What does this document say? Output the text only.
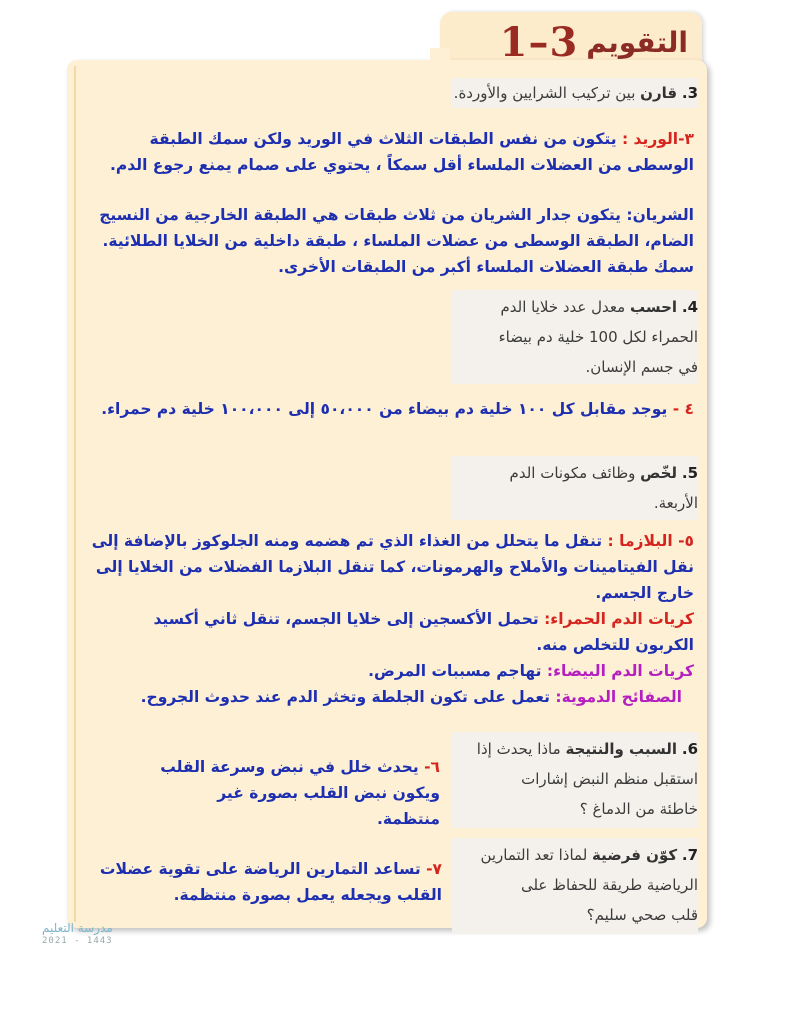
التقويم
3–1
3. قارن بين تركيب الشرايين والأوردة.
٣-الوريد : يتكون من نفس الطبقات الثلاث في الوريد ولكن سمك الطبقة الوسطى من العضلات الملساء أقل سمكاً ، يحتوي على صمام يمنع رجوع الدم.
الشريان: يتكون جدار الشريان من ثلاث طبقات هي الطبقة الخارجية من النسيج الضام، الطبقة الوسطى من عضلات الملساء ، طبقة داخلية من الخلايا الطلائية. سمك طبقة العضلات الملساء أكبر من الطبقات الأخرى.
4. احسب معدل عدد خلايا الدم
الحمراء لكل 100 خلية دم بيضاء
في جسم الإنسان.
٤ - يوجد مقابل كل ١٠٠ خلية دم بيضاء من ٥٠،٠٠٠ إلى ١٠٠،٠٠٠ خلية دم حمراء.
5. لخّص وظائف مكونات الدم
الأربعة.
٥- البلازما : تنقل ما يتحلل من الغذاء الذي تم هضمه ومنه الجلوكوز بالإضافة إلى نقل الفيتامينات والأملاح والهرمونات، كما تنقل البلازما الفضلات من الخلايا إلى خارج الجسم.
كريات الدم الحمراء: تحمل الأكسجين إلى خلايا الجسم، تنقل ثاني أكسيد الكربون للتخلص منه.
كريات الدم البيضاء: تهاجم مسببات المرض.
الصفائح الدموية: تعمل على تكون الجلطة وتخثر الدم عند حدوث الجروح.
6. السبب والنتيجة ماذا يحدث إذا
استقبل منظم النبض إشارات
خاطئة من الدماغ ؟
٦- يحدث خلل في نبض وسرعة القلب ويكون نبض القلب بصورة غير منتظمة.
7. كوّن فرضية لماذا تعد التمارين
الرياضية طريقة للحفاظ على
قلب صحي سليم؟
٧- تساعد التمارين الرياضة على تقوية عضلات القلب ويجعله يعمل بصورة منتظمة.
مدرسة التعليم
2021 - 1443
